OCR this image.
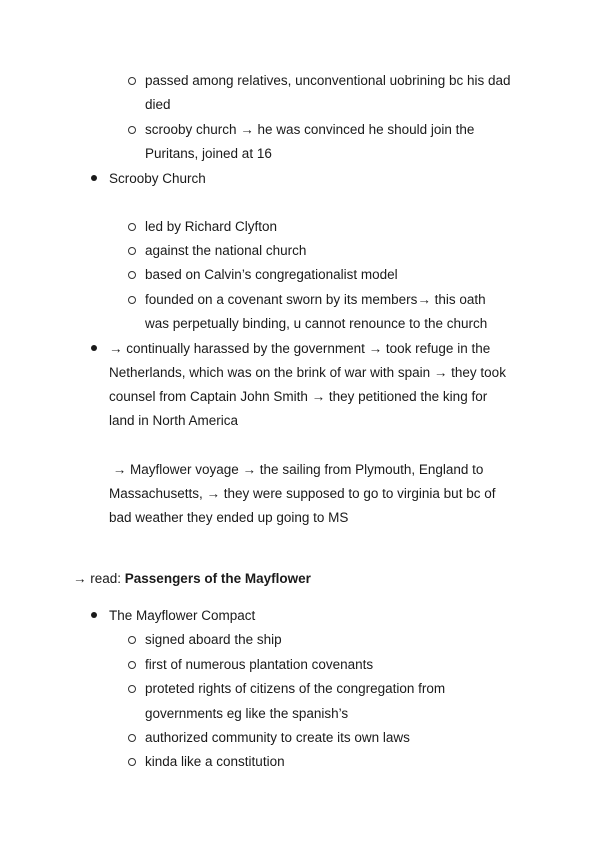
passed among relatives, unconventional uobrining bc his dad
died
scrooby church → he was convinced he should join the
Puritans, joined at 16
Scrooby Church
led by Richard Clyfton
against the national church
based on Calvin’s congregationalist model
founded on a covenant sworn by its members→ this oath
was perpetually binding, u cannot renounce to the church
→ continually harassed by the government → took refuge in the
Netherlands, which was on the brink of war with spain → they took
counsel from Captain John Smith → they petitioned the king for
land in North America
→ Mayflower voyage → the sailing from Plymouth, England to
Massachusetts, → they were supposed to go to virginia but bc of
bad weather they ended up going to MS
→ read: Passengers of the Mayflower
The Mayflower Compact
signed aboard the ship
first of numerous plantation covenants
proteted rights of citizens of the congregation from
governments eg like the spanish’s
authorized community to create its own laws
kinda like a constitution
